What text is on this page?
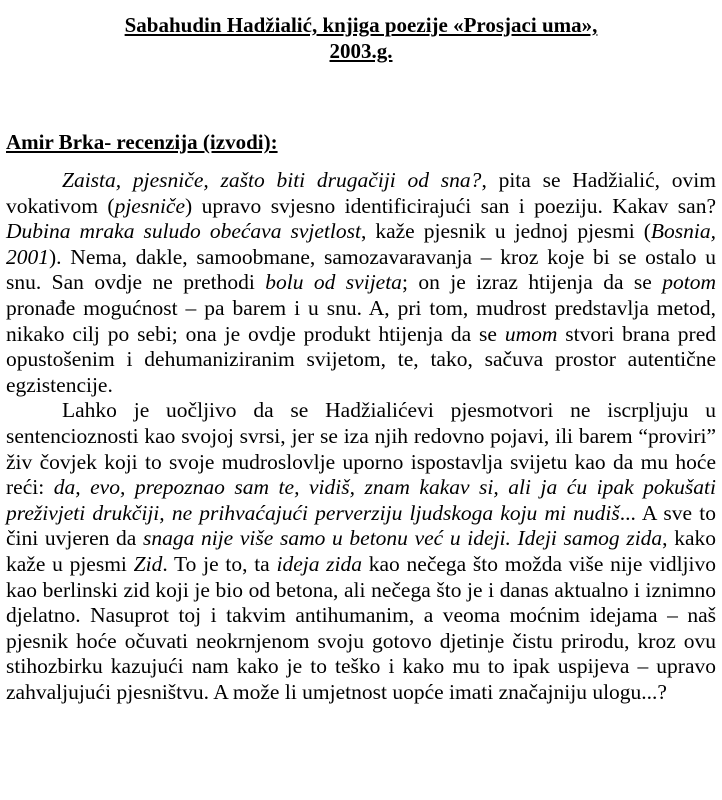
Sabahudin Hadžialić, knjiga poezije «Prosjaci uma»,
2003.g.

Amir Brka- recenzija (izvodi):

Zaista, pjesniče, zašto biti drugačiji od sna?, pita se Hadžialić, ovim vokativom (pjesniče) upravo svjesno identificirajući san i poeziju. Kakav san? Dubina mraka suludo obećava svjetlost, kaže pjesnik u jednoj pjesmi (Bosnia, 2001). Nema, dakle, samoobmane, samozavaravanja – kroz koje bi se ostalo u snu. San ovdje ne prethodi bolu od svijeta; on je izraz htijenja da se potom pronađe mogućnost – pa barem i u snu. A, pri tom, mudrost predstavlja metod, nikako cilj po sebi; ona je ovdje produkt htijenja da se umom stvori brana pred opustošenim i dehumaniziranim svijetom, te, tako, sačuva prostor autentične egzistencije.

Lahko je uočljivo da se Hadžialićevi pjesmotvori ne iscrpljuju u sentencioznosti kao svojoj svrsi, jer se iza njih redovno pojavi, ili barem “proviri” živ čovjek koji to svoje mudroslovlje uporno ispostavlja svijetu kao da mu hoće reći: da, evo, prepoznao sam te, vidiš, znam kakav si, ali ja ću ipak pokušati preživjeti drukčiji, ne prihvaćajući perverziju ljudskoga koju mi nudiš... A sve to čini uvjeren da snaga nije više samo u betonu već u ideji. Ideji samog zida, kako kaže u pjesmi Zid. To je to, ta ideja zida kao nečega što možda više nije vidljivo kao berlinski zid koji je bio od betona, ali nečega što je i danas aktualno i iznimno djelatno. Nasuprot toj i takvim antihumanim, a veoma moćnim idejama – naš pjesnik hoće očuvati neokrnjenom svoju gotovo djetinje čistu prirodu, kroz ovu stihozbirku kazujući nam kako je to teško i kako mu to ipak uspijeva – upravo zahvaljujući pjesništvu. A može li umjetnost uopće imati značajniju ulogu...?
